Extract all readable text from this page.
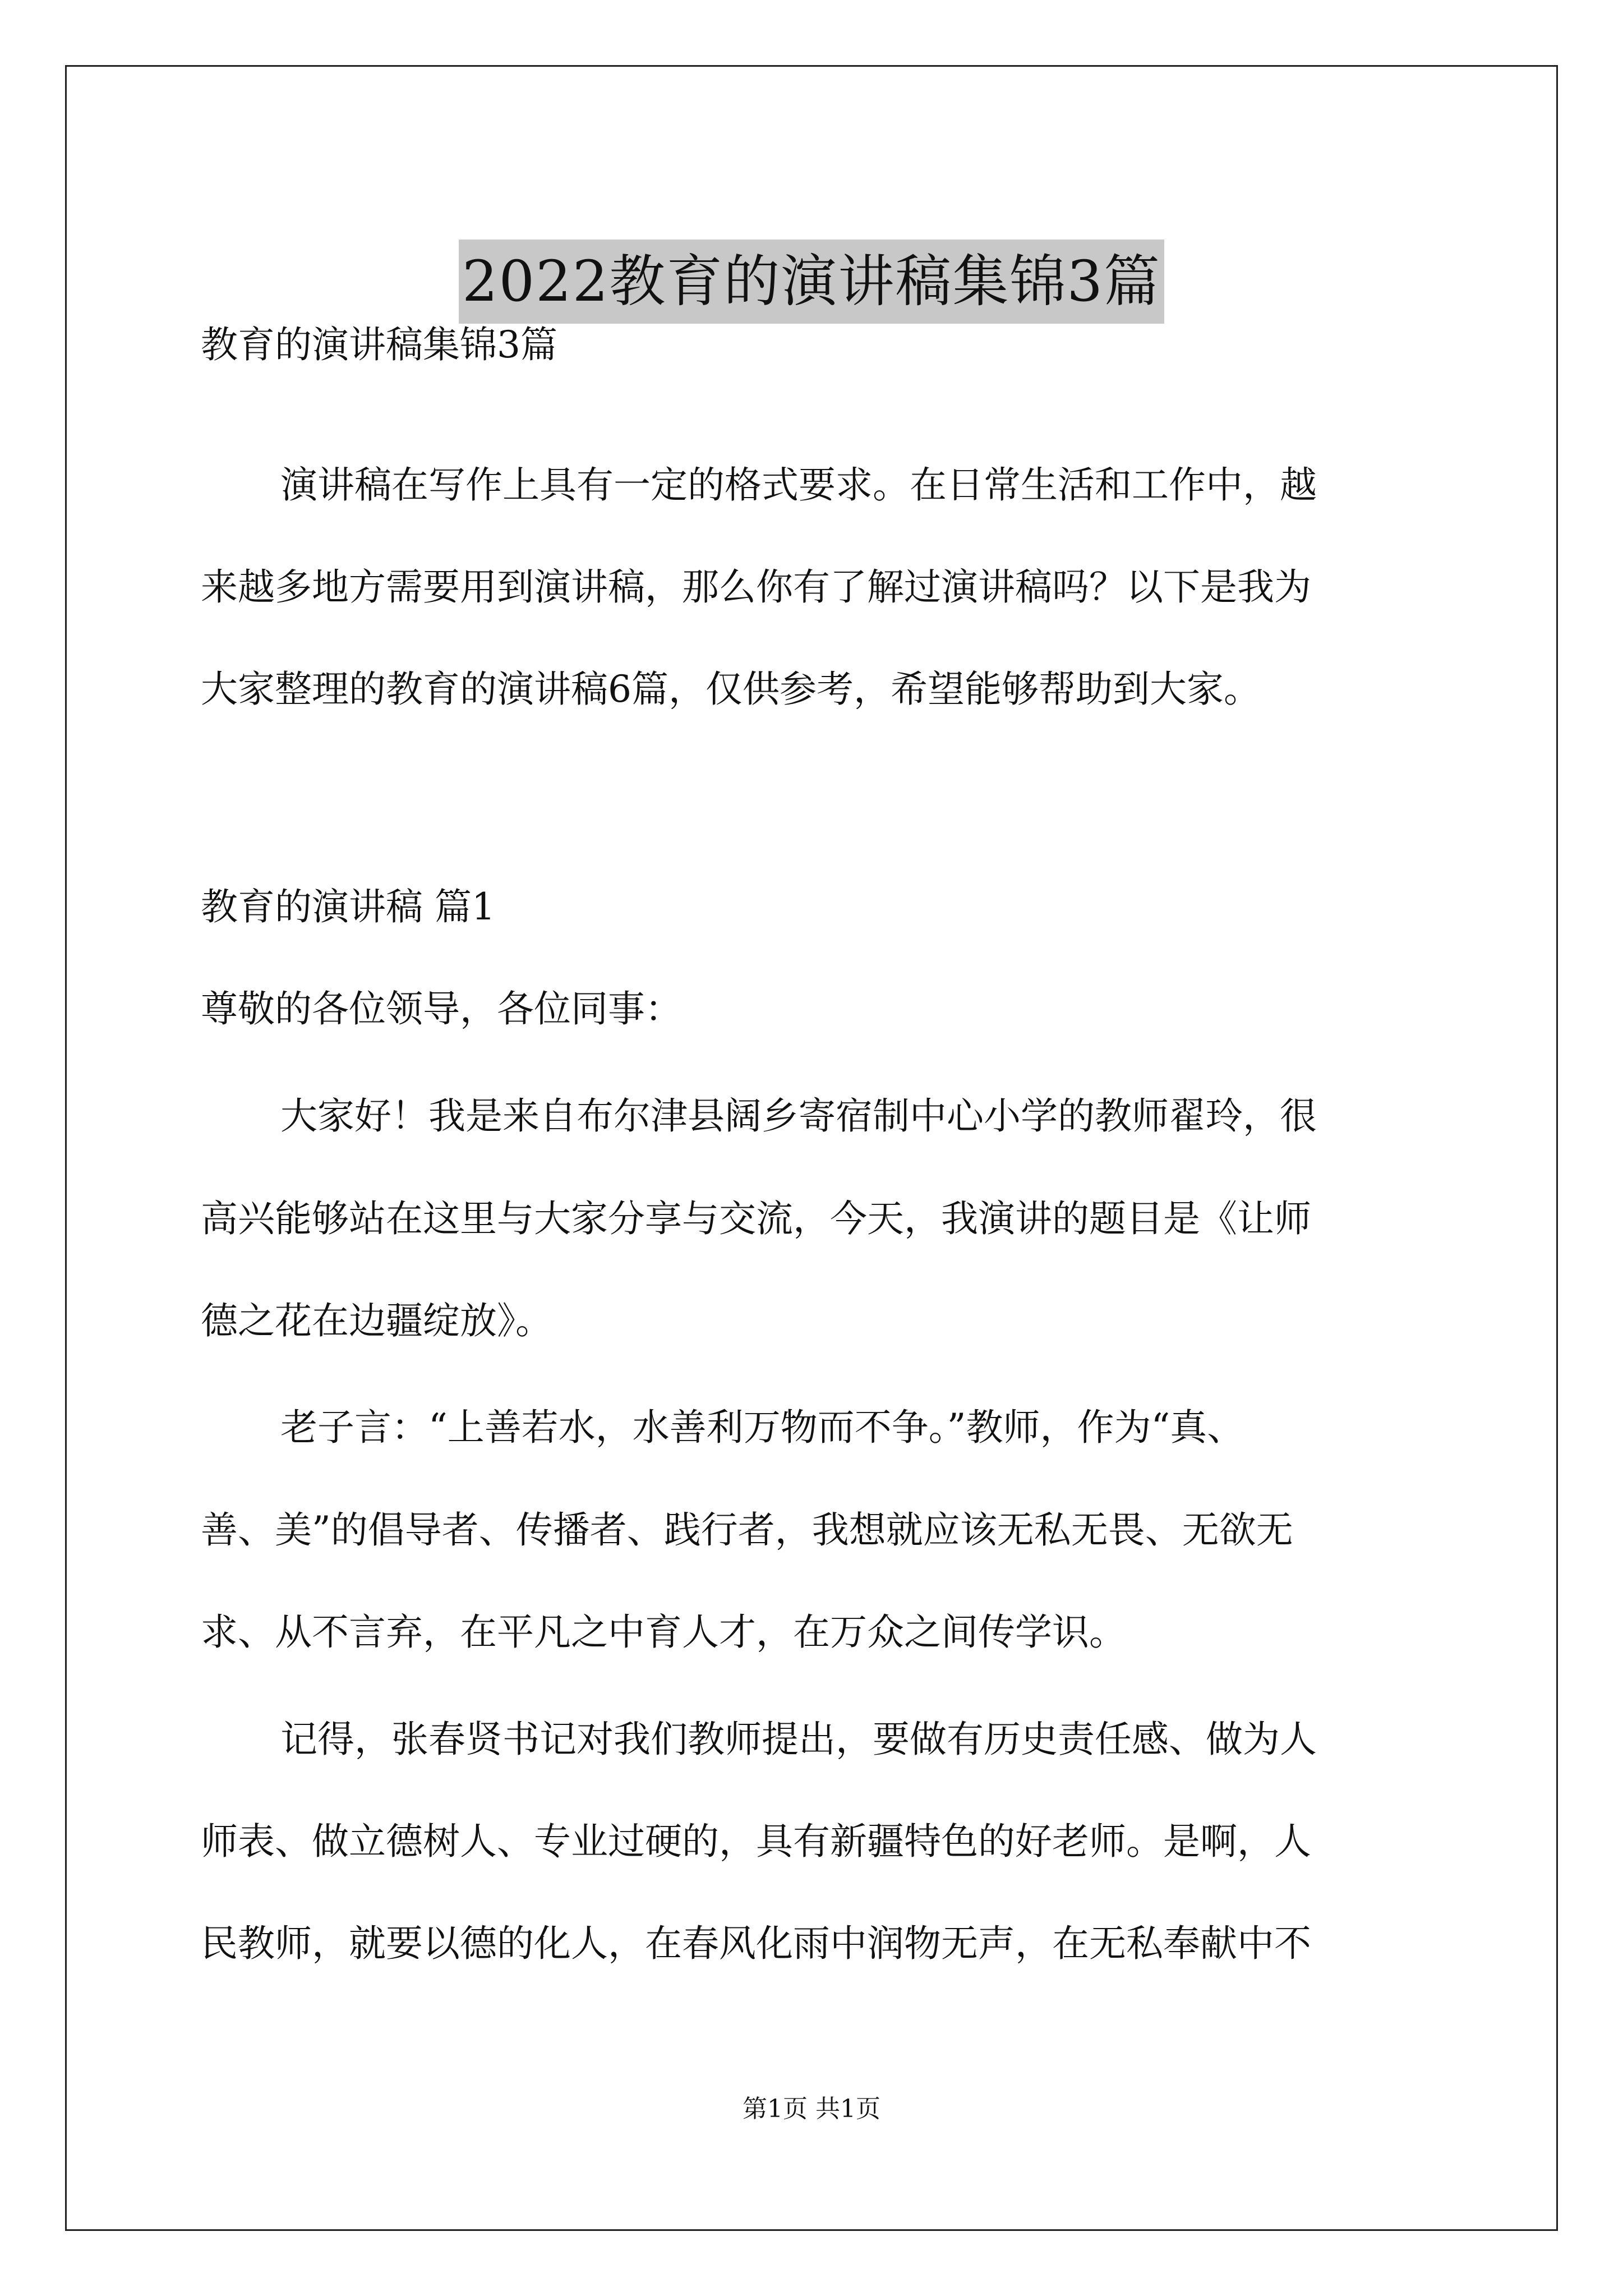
2022教育的演讲稿集锦3篇
教育的演讲稿集锦3篇
演讲稿在写作上具有一定的格式要求。在日常生活和工作中，越
来越多地方需要用到演讲稿，那么你有了解过演讲稿吗？以下是我为
大家整理的教育的演讲稿6篇，仅供参考，希望能够帮助到大家。
教育的演讲稿 篇1
尊敬的各位领导，各位同事：
大家好！我是来自布尔津县阔乡寄宿制中心小学的教师翟玲，很
高兴能够站在这里与大家分享与交流，今天，我演讲的题目是《让师
德之花在边疆绽放》。
老子言：“上善若水，水善利万物而不争。”教师，作为“真、
善、美”的倡导者、传播者、践行者，我想就应该无私无畏、无欲无
求、从不言弃，在平凡之中育人才，在万众之间传学识。
记得，张春贤书记对我们教师提出，要做有历史责任感、做为人
师表、做立德树人、专业过硬的，具有新疆特色的好老师。是啊，人
民教师，就要以德的化人，在春风化雨中润物无声，在无私奉献中不
第1页 共1页
